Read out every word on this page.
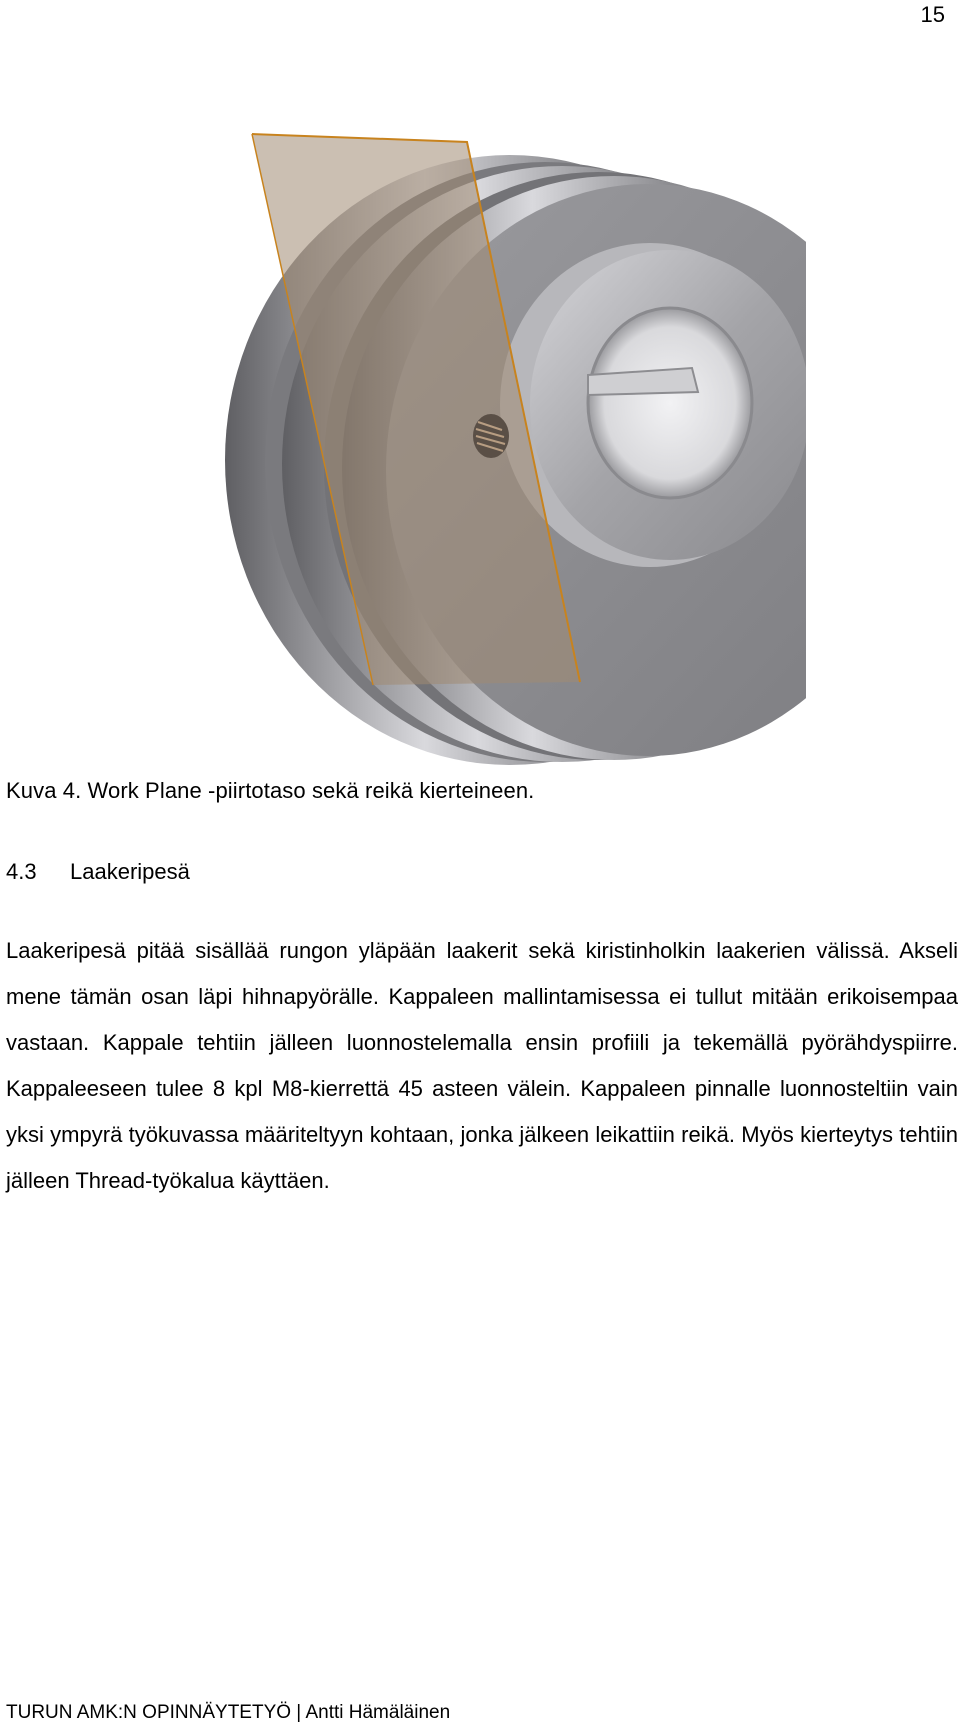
15
Kuva 4. Work Plane -piirtotaso sekä reikä kierteineen.
4.3 Laakeripesä

Laakeripesä pitää sisällää rungon yläpään laakerit sekä kiristinholkin laakerien välissä. Akseli mene tämän osan läpi hihnapyörälle. Kappaleen mallintamisessa ei tullut mitään erikoisempaa vastaan. Kappale tehtiin jälleen luonnostelemalla ensin profiili ja tekemällä pyörähdyspiirre. Kappaleeseen tulee 8 kpl M8-kierrettä 45 asteen välein. Kappaleen pinnalle luonnosteltiin vain yksi ympyrä työkuvassa määriteltyyn kohtaan, jonka jälkeen leikattiin reikä. Myös kierteytys tehtiin jälleen Thread-työkalua käyttäen.

TURUN AMK:N OPINNÄYTETYÖ | Antti Hämäläinen
